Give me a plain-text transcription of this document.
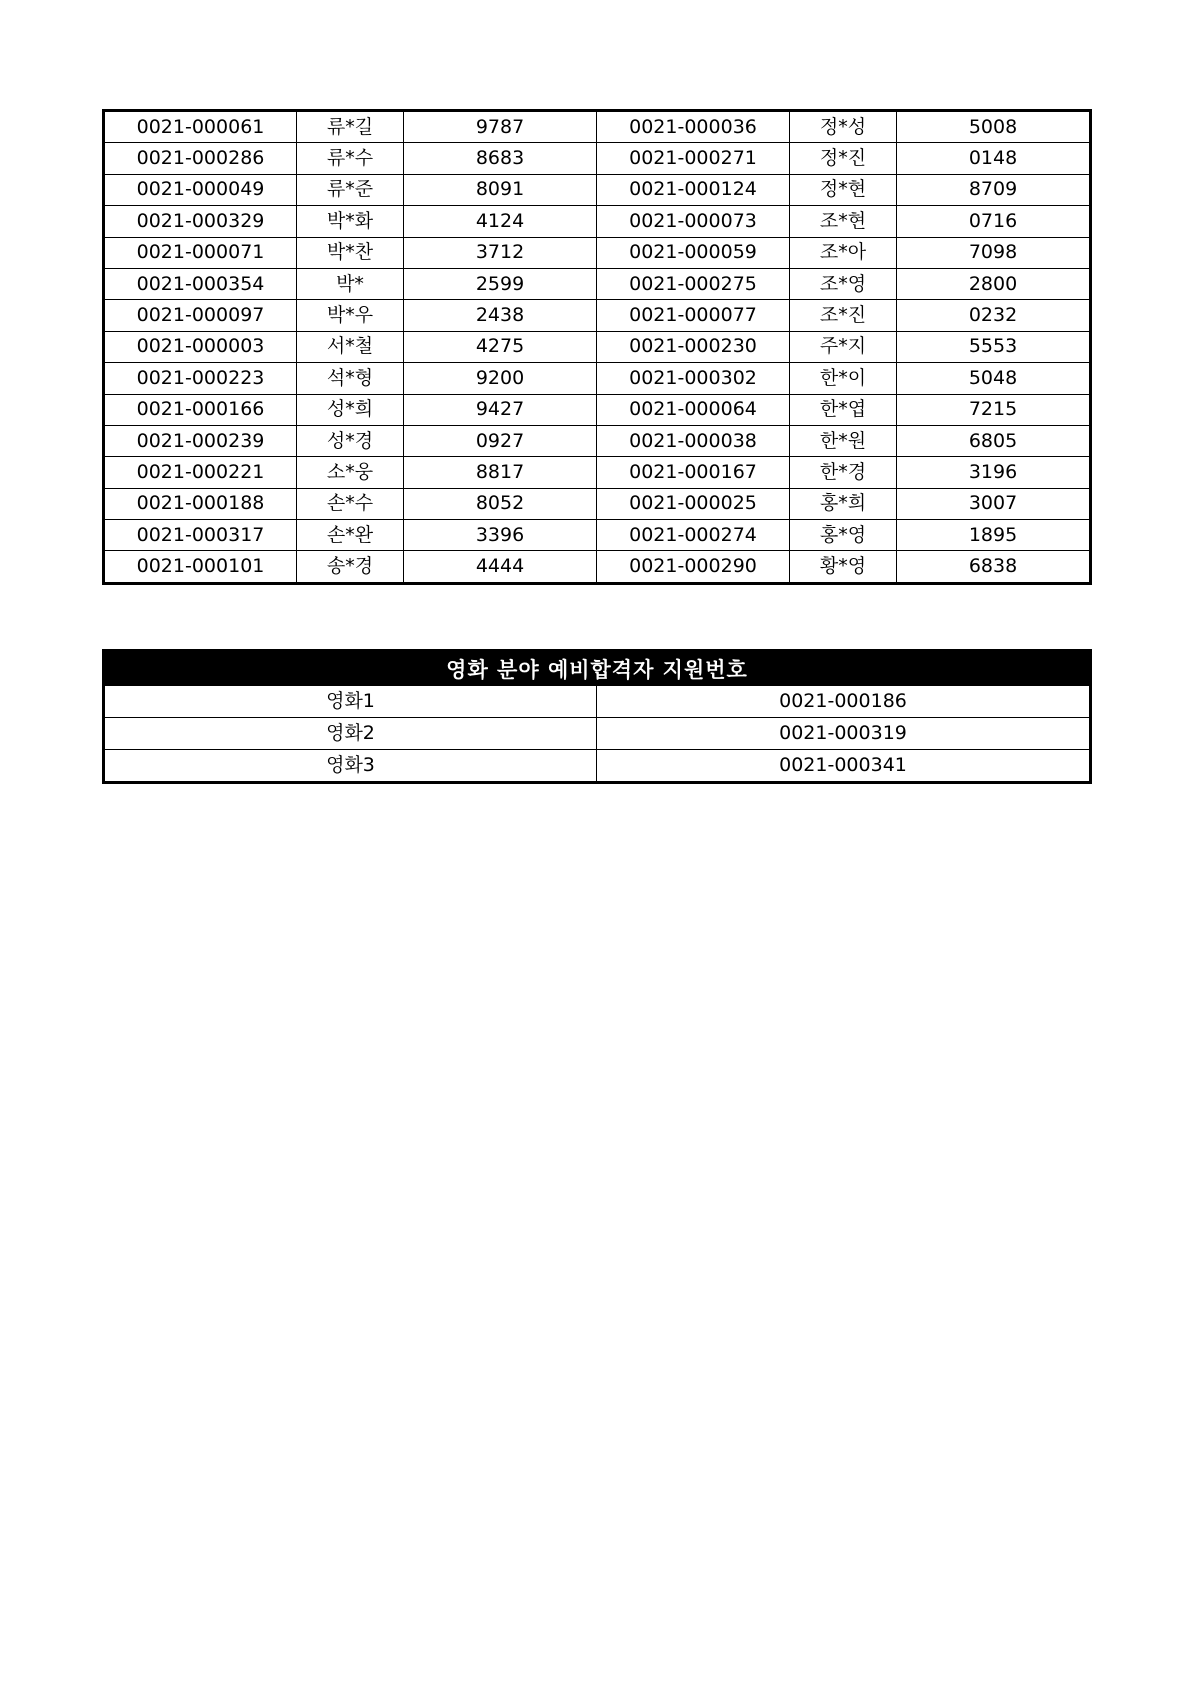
0021-000061	류*길	9787	0021-000036	정*성	5008
0021-000286	류*수	8683	0021-000271	정*진	0148
0021-000049	류*준	8091	0021-000124	정*현	8709
0021-000329	박*화	4124	0021-000073	조*현	0716
0021-000071	박*찬	3712	0021-000059	조*아	7098
0021-000354	박*	2599	0021-000275	조*영	2800
0021-000097	박*우	2438	0021-000077	조*진	0232
0021-000003	서*철	4275	0021-000230	주*지	5553
0021-000223	석*형	9200	0021-000302	한*이	5048
0021-000166	성*희	9427	0021-000064	한*엽	7215
0021-000239	성*경	0927	0021-000038	한*원	6805
0021-000221	소*웅	8817	0021-000167	한*경	3196
0021-000188	손*수	8052	0021-000025	홍*희	3007
0021-000317	손*완	3396	0021-000274	홍*영	1895
0021-000101	송*경	4444	0021-000290	황*영	6838
영화 분야 예비합격자 지원번호	
영화1	0021-000186
영화2	0021-000319
영화3	0021-000341
